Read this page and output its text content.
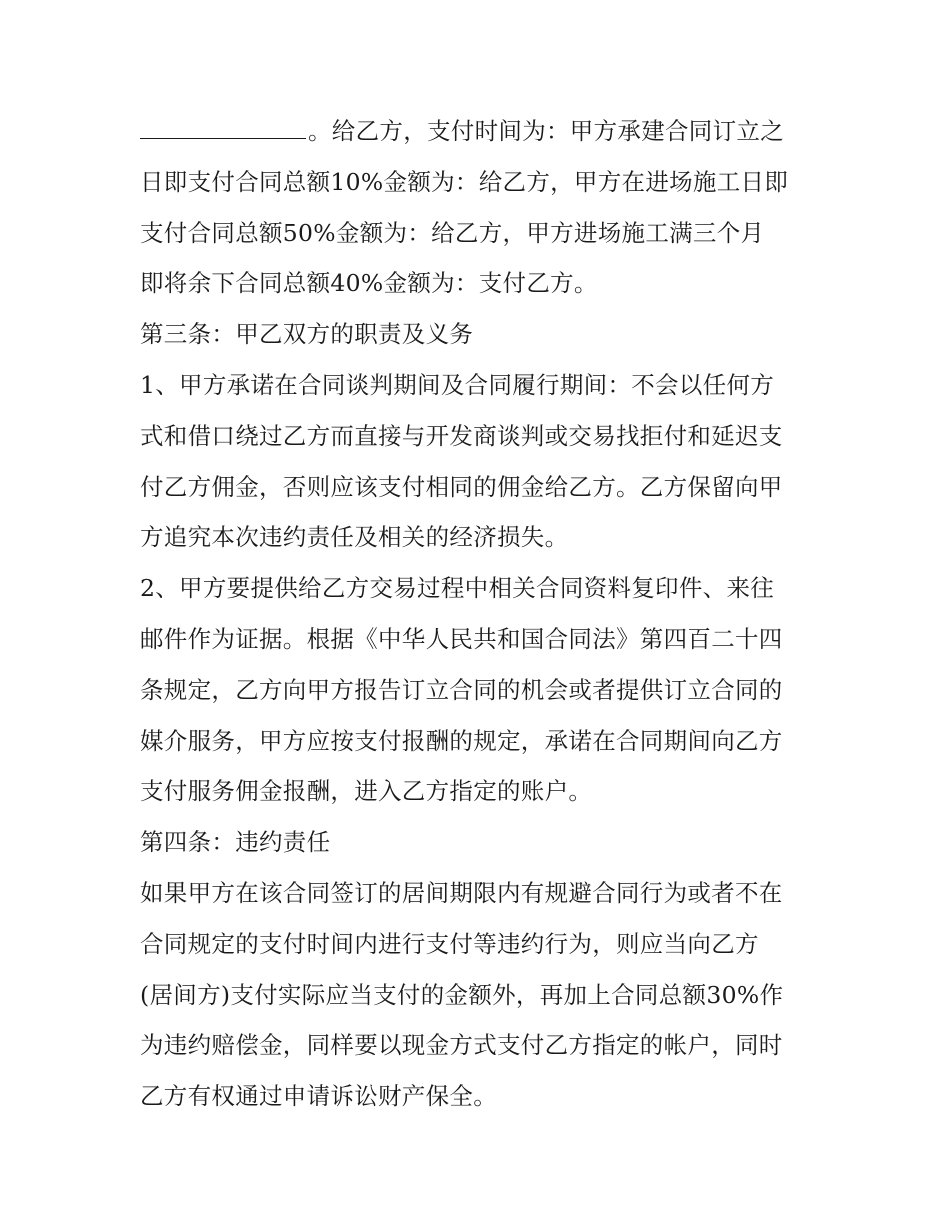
。给乙方，支付时间为：甲方承建合同订立之
日即支付合同总额10%金额为：给乙方，甲方在进场施工日即
支付合同总额50%金额为：给乙方，甲方进场施工满三个月
即将余下合同总额40%金额为：支付乙方。
第三条：甲乙双方的职责及义务
1、甲方承诺在合同谈判期间及合同履行期间：不会以任何方
式和借口绕过乙方而直接与开发商谈判或交易找拒付和延迟支
付乙方佣金，否则应该支付相同的佣金给乙方。乙方保留向甲
方追究本次违约责任及相关的经济损失。
2、甲方要提供给乙方交易过程中相关合同资料复印件、来往
邮件作为证据。根据《中华人民共和国合同法》第四百二十四
条规定，乙方向甲方报告订立合同的机会或者提供订立合同的
媒介服务，甲方应按支付报酬的规定，承诺在合同期间向乙方
支付服务佣金报酬，进入乙方指定的账户。
第四条：违约责任
如果甲方在该合同签订的居间期限内有规避合同行为或者不在
合同规定的支付时间内进行支付等违约行为，则应当向乙方
(居间方)支付实际应当支付的金额外，再加上合同总额30%作
为违约赔偿金，同样要以现金方式支付乙方指定的帐户，同时
乙方有权通过申请诉讼财产保全。
